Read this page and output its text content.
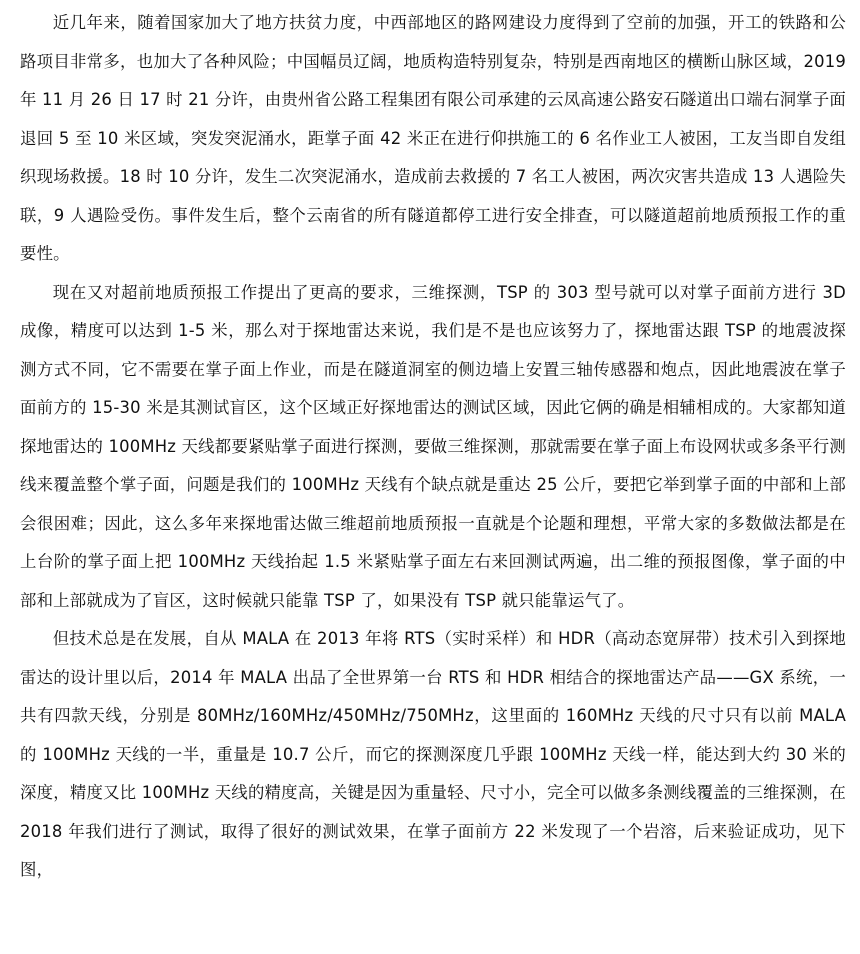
近几年来，随着国家加大了地方扶贫力度，中西部地区的路网建设力度得到了空前的加强，开工的铁路和公路项目非常多，也加大了各种风险；中国幅员辽阔，地质构造特别复杂，特别是西南地区的横断山脉区域，2019 年 11 月 26 日 17 时 21 分许，由贵州省公路工程集团有限公司承建的云凤高速公路安石隧道出口端右洞掌子面退回 5 至 10 米区域，突发突泥涌水，距掌子面 42 米正在进行仰拱施工的 6 名作业工人被困，工友当即自发组织现场救援。18 时 10 分许，发生二次突泥涌水，造成前去救援的 7 名工人被困，两次灾害共造成 13 人遇险失联，9 人遇险受伤。事件发生后，整个云南省的所有隧道都停工进行安全排查，可以隧道超前地质预报工作的重要性。

现在又对超前地质预报工作提出了更高的要求，三维探测，TSP 的 303 型号就可以对掌子面前方进行 3D 成像，精度可以达到 1-5 米，那么对于探地雷达来说，我们是不是也应该努力了，探地雷达跟 TSP 的地震波探测方式不同，它不需要在掌子面上作业，而是在隧道洞室的侧边墙上安置三轴传感器和炮点，因此地震波在掌子面前方的 15-30 米是其测试盲区，这个区域正好探地雷达的测试区域，因此它俩的确是相辅相成的。大家都知道探地雷达的 100MHz 天线都要紧贴掌子面进行探测，要做三维探测，那就需要在掌子面上布设网状或多条平行测线来覆盖整个掌子面，问题是我们的 100MHz 天线有个缺点就是重达 25 公斤，要把它举到掌子面的中部和上部会很困难；因此，这么多年来探地雷达做三维超前地质预报一直就是个论题和理想，平常大家的多数做法都是在上台阶的掌子面上把 100MHz 天线抬起 1.5 米紧贴掌子面左右来回测试两遍，出二维的预报图像，掌子面的中部和上部就成为了盲区，这时候就只能靠 TSP 了，如果没有 TSP 就只能靠运气了。

但技术总是在发展，自从 MALA 在 2013 年将 RTS（实时采样）和 HDR（高动态宽屏带）技术引入到探地雷达的设计里以后，2014 年 MALA 出品了全世界第一台 RTS 和 HDR 相结合的探地雷达产品——GX 系统，一共有四款天线，分别是 80MHz/160MHz/450MHz/750MHz，这里面的 160MHz 天线的尺寸只有以前 MALA 的 100MHz 天线的一半，重量是 10.7 公斤，而它的探测深度几乎跟 100MHz 天线一样，能达到大约 30 米的深度，精度又比 100MHz 天线的精度高，关键是因为重量轻、尺寸小，完全可以做多条测线覆盖的三维探测，在 2018 年我们进行了测试，取得了很好的测试效果，在掌子面前方 22 米发现了一个岩溶，后来验证成功，见下图，
